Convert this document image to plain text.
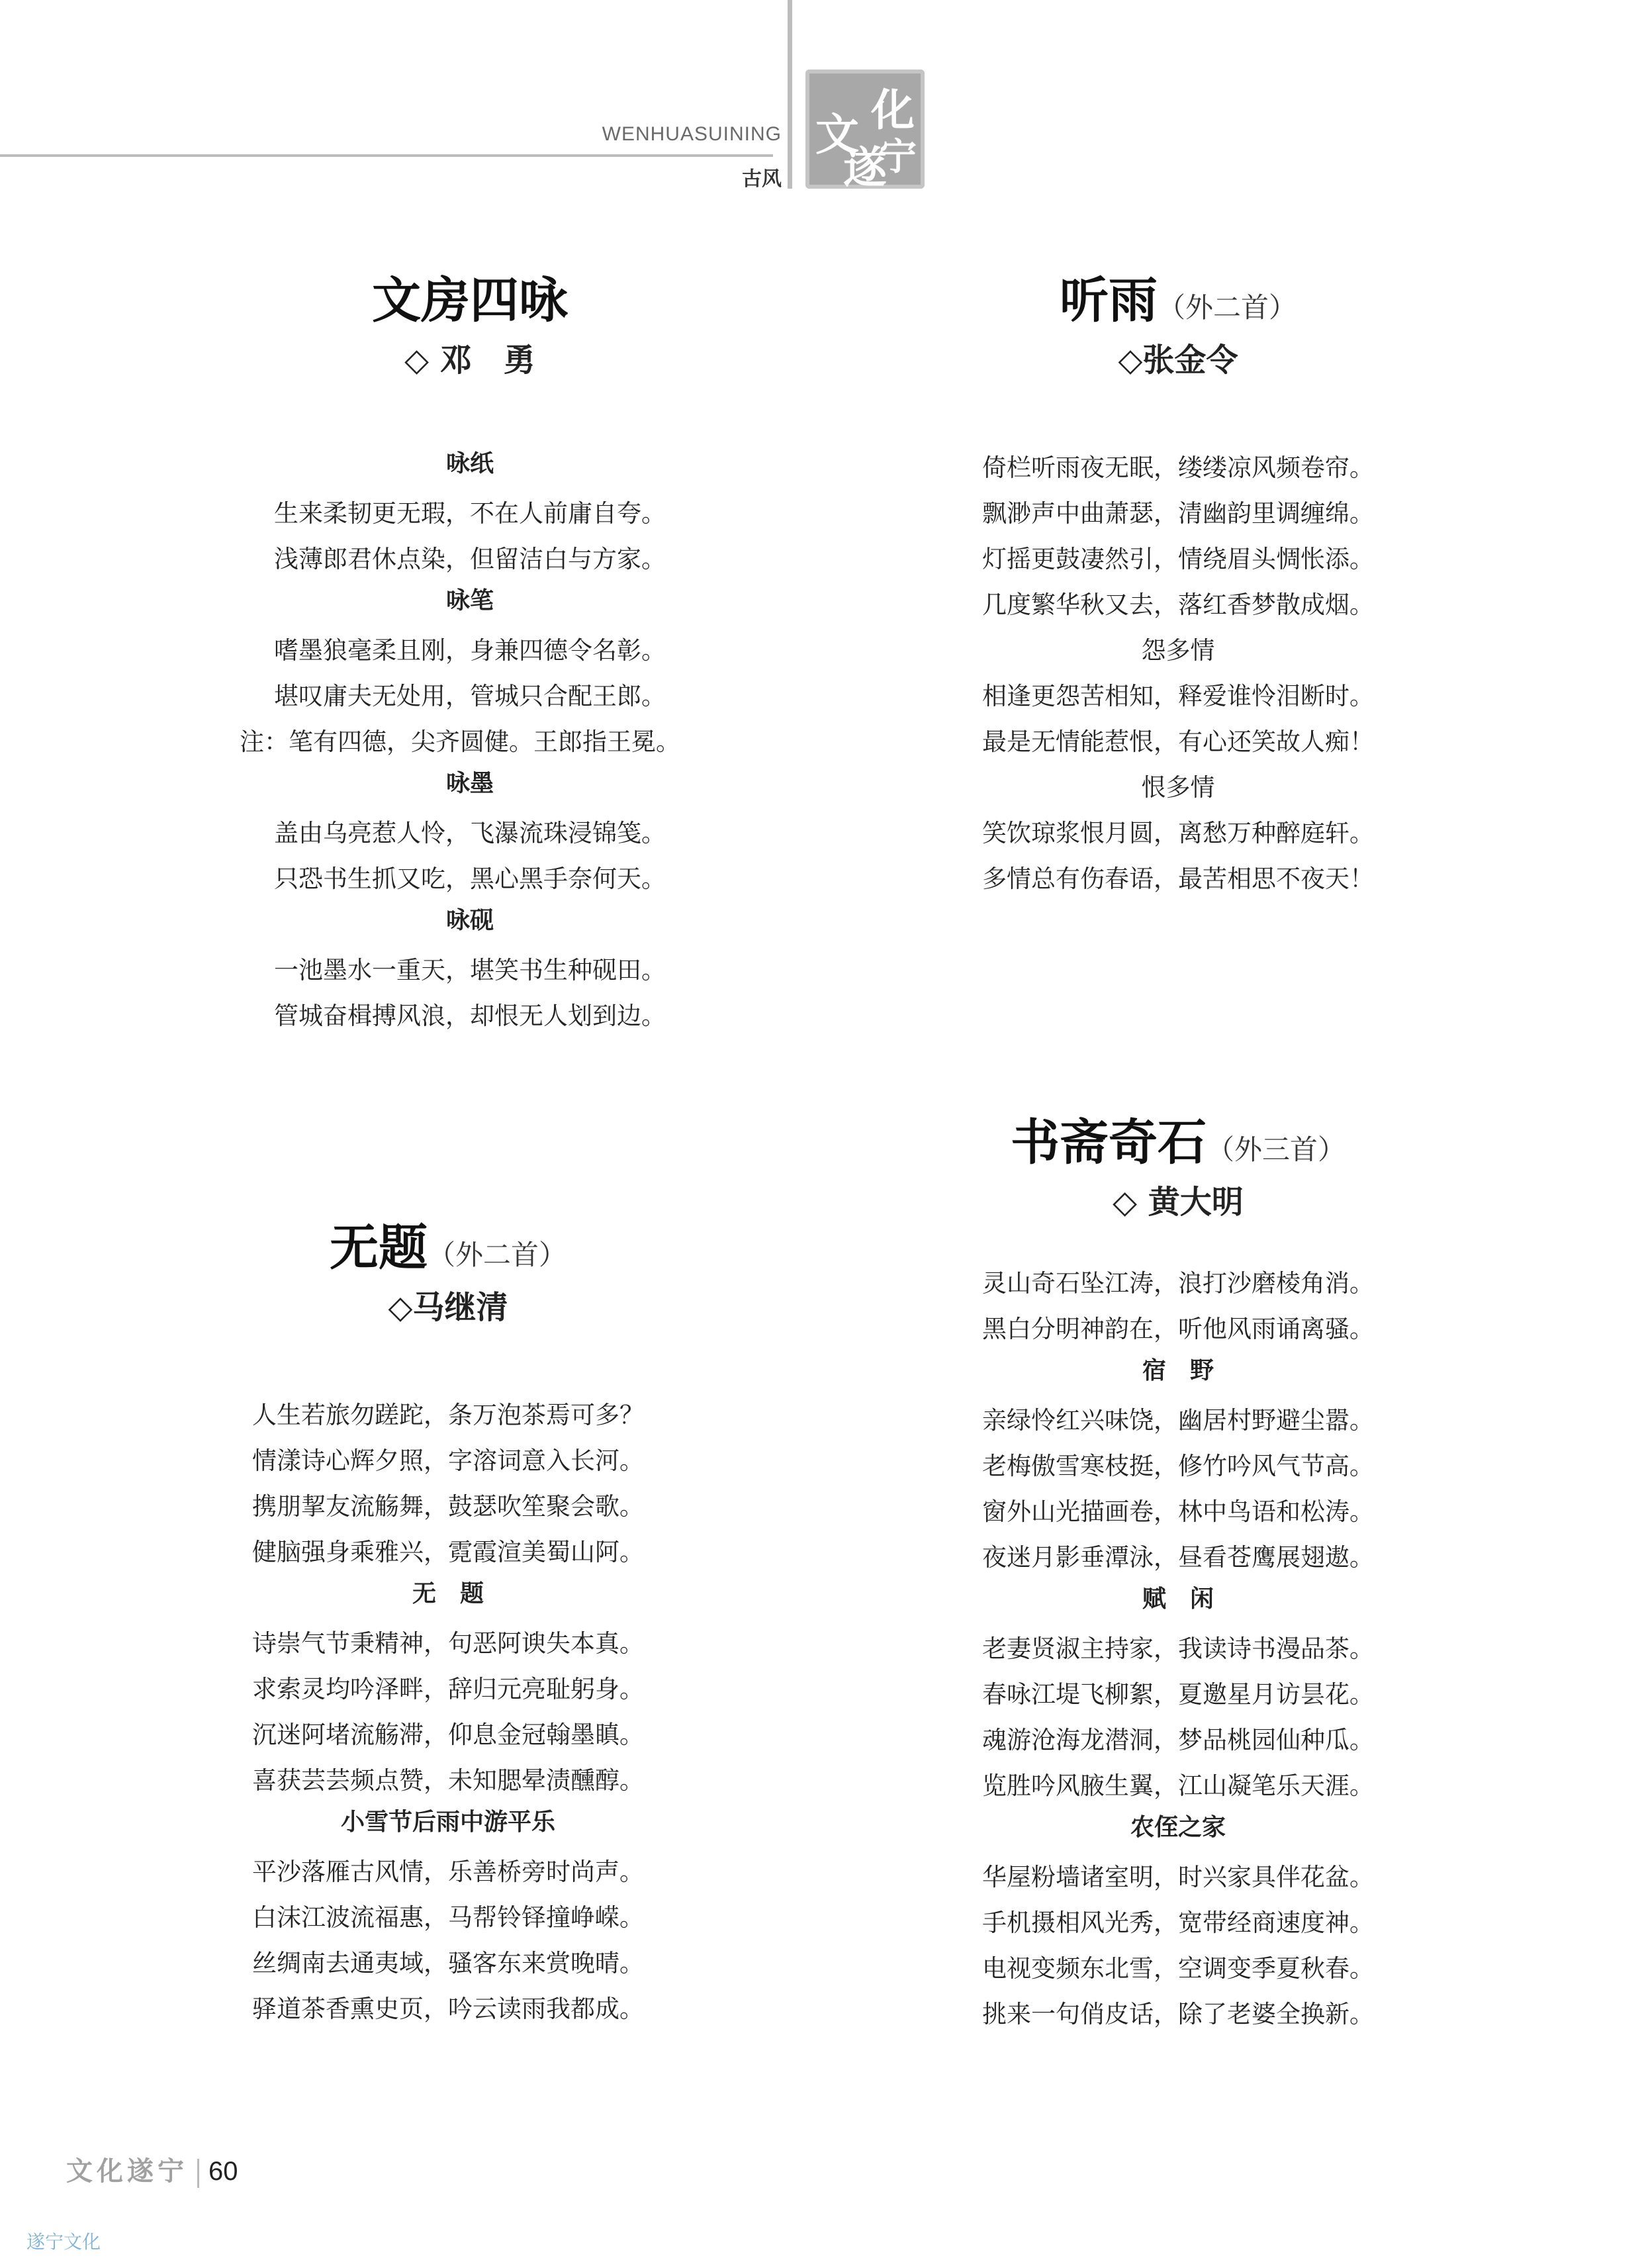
WENHUASUINING
古风
文 化
遂
宁
文房四咏

◇ 邓　勇

咏纸
生来柔韧更无瑕，不在人前庸自夸。
浅薄郎君休点染，但留洁白与方家。
咏笔
嗜墨狼毫柔且刚，身兼四德令名彰。
堪叹庸夫无处用，管城只合配王郎。
注：笔有四德，尖齐圆健。王郎指王冕。
咏墨
盖由乌亮惹人怜，飞瀑流珠浸锦笺。
只恐书生抓又吃，黑心黑手奈何天。
咏砚
一池墨水一重天，堪笑书生种砚田。
管城奋楫搏风浪，却恨无人划到边。
听雨（外二首）

◇张金令

倚栏听雨夜无眠，缕缕凉风频卷帘。
飘渺声中曲萧瑟，清幽韵里调缠绵。
灯摇更鼓凄然引，情绕眉头惆怅添。
几度繁华秋又去，落红香梦散成烟。
怨多情
相逢更怨苦相知，释爱谁怜泪断时。
最是无情能惹恨，有心还笑故人痴！
恨多情
笑饮琼浆恨月圆，离愁万种醉庭轩。
多情总有伤春语，最苦相思不夜天！
无题（外二首）

◇马继清

人生若旅勿蹉跎，条万泡茶焉可多？
情漾诗心辉夕照，字溶词意入长河。
携朋挈友流觞舞，鼓瑟吹笙聚会歌。
健脑强身乘雅兴，霓霞渲美蜀山阿。
无　题
诗崇气节秉精神，句恶阿谀失本真。
求索灵均吟泽畔，辞归元亮耻躬身。
沉迷阿堵流觞滞，仰息金冠翰墨瞋。
喜获芸芸频点赞，未知腮晕渍醺醇。
小雪节后雨中游平乐
平沙落雁古风情，乐善桥旁时尚声。
白沫江波流福惠，马帮铃铎撞峥嵘。
丝绸南去通夷域，骚客东来赏晚晴。
驿道茶香熏史页，吟云读雨我都成。
书斋奇石（外三首）

◇ 黄大明

灵山奇石坠江涛，浪打沙磨棱角消。
黑白分明神韵在，听他风雨诵离骚。
宿　野
亲绿怜红兴味饶，幽居村野避尘嚣。
老梅傲雪寒枝挺，修竹吟风气节高。
窗外山光描画卷，林中鸟语和松涛。
夜迷月影垂潭泳，昼看苍鹰展翅遨。
赋　闲
老妻贤淑主持家，我读诗书漫品茶。
春咏江堤飞柳絮，夏邀星月访昙花。
魂游沧海龙潜洞，梦品桃园仙种瓜。
览胜吟风腋生翼，江山凝笔乐天涯。
农侄之家
华屋粉墙诸室明，时兴家具伴花盆。
手机摄相风光秀，宽带经商速度神。
电视变频东北雪，空调变季夏秋春。
挑来一句俏皮话，除了老婆全换新。
文化遂宁 60
遂宁文化
